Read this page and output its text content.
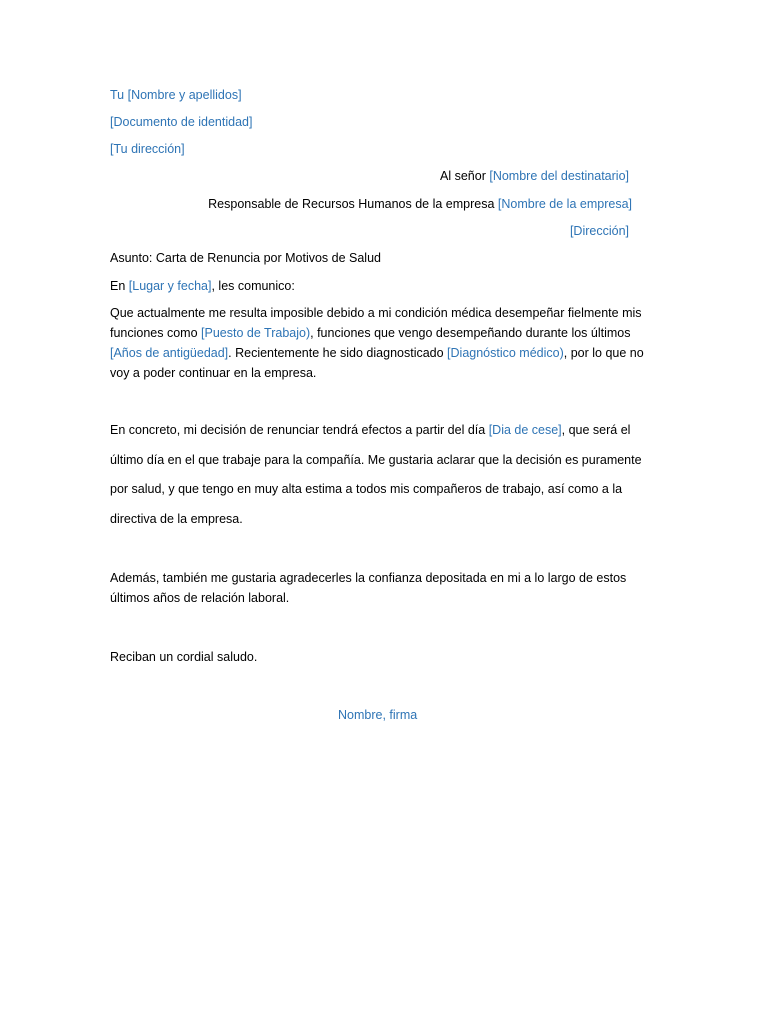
Tu [Nombre y apellidos]
[Documento de identidad]
[Tu dirección]
Al señor [Nombre del destinatario]
Responsable de Recursos Humanos de la empresa [Nombre de la empresa]
[Dirección]
Asunto: Carta de Renuncia por Motivos de Salud
En [Lugar y fecha], les comunico:
Que actualmente me resulta imposible debido a mi condición médica desempeñar fielmente mis funciones como [Puesto de Trabajo), funciones que vengo desempeñando durante los últimos [Años de antigüedad]. Recientemente he sido diagnosticado [Diagnóstico médico), por lo que no voy a poder continuar en la empresa.
En concreto, mi decisión de renunciar tendrá efectos a partir del día [Dia de cese], que será el último día en el que trabaje para la compañía. Me gustaria aclarar que la decisión es puramente por salud, y que tengo en muy alta estima a todos mis compañeros de trabajo, así como a la directiva de la empresa.
Además, también me gustaria agradecerles la confianza depositada en mi a lo largo de estos últimos años de relación laboral.
Reciban un cordial saludo.
Nombre, firma
